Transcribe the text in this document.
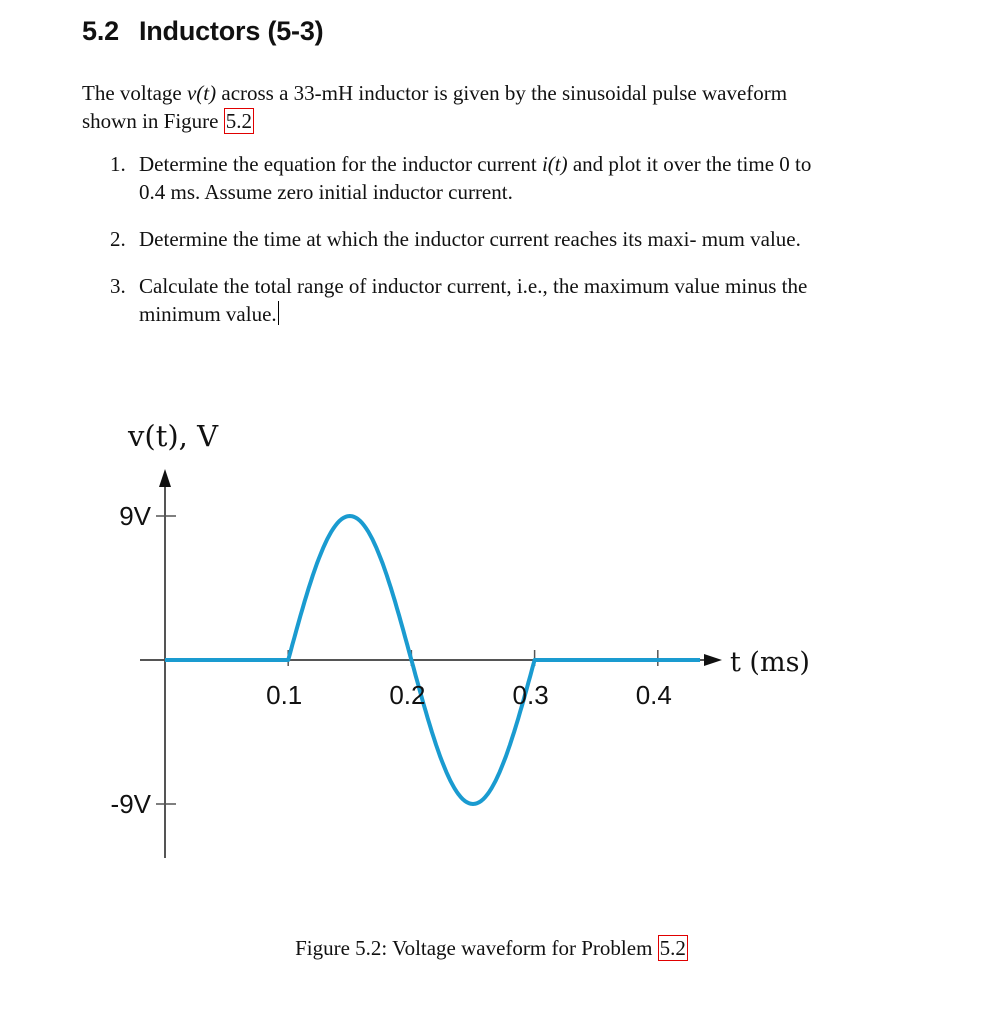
5.2 Inductors (5-3)
The voltage v(t) across a 33-mH inductor is given by the sinusoidal pulse waveform shown in Figure 5.2
1. Determine the equation for the inductor current i(t) and plot it over the time 0 to 0.4 ms. Assume zero initial inductor current.
2. Determine the time at which the inductor current reaches its maxi- mum value.
3. Calculate the total range of inductor current, i.e., the maximum value minus the minimum value.
9V
-9V
0.1	0.2	0.3	0.4
v(t), V
t (ms)
Figure 5.2: Voltage waveform for Problem 5.2
